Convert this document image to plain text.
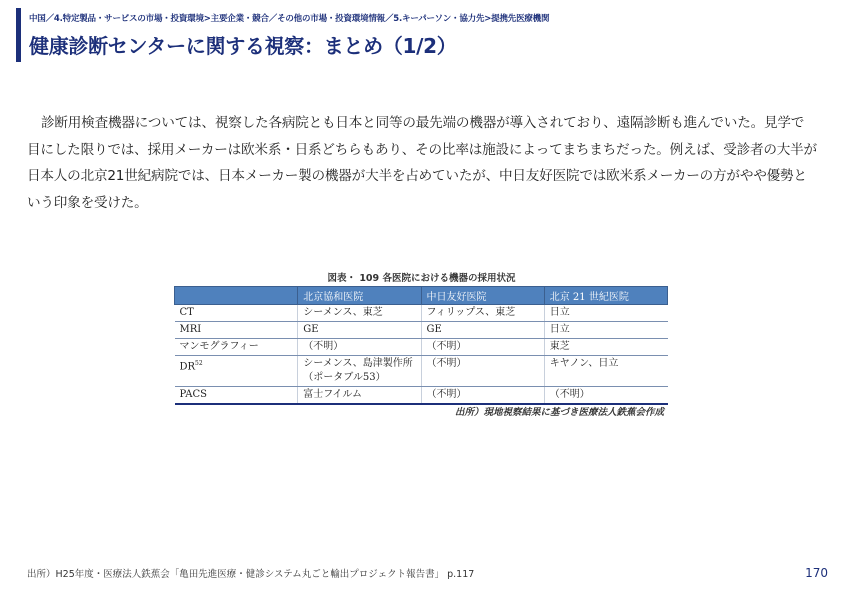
中国／4.特定製品・サービスの市場・投資環境>主要企業・競合／その他の市場・投資環境情報／5.キーパーソン・協力先>提携先医療機関
健康診断センターに関する視察：まとめ（1/2）

診断用検査機器については、視察した各病院とも日本と同等の最先端の機器が導入されており、遠隔診断も進んでいた。見学で目にした限りでは、採用メーカーは欧米系・日系どちらもあり、その比率は施設によってまちまちだった。例えば、受診者の大半が日本人の北京21世紀病院では、日本メーカー製の機器が大半を占めていたが、中日友好医院では欧米系メーカーの方がやや優勢という印象を受けた。

図表・ 109 各医院における機器の採用状況
	北京協和医院	中日友好医院	北京 21 世紀医院
CT	シーメンス、東芝	フィリップス、東芝	日立
MRI	GE	GE	日立
マンモグラフィー	（不明）	（不明）	東芝
DR$^{52}$	シーメンス、島津製作所（ポータブル53）	（不明）	キヤノン、日立
PACS	富士フイルム	（不明）	（不明）
出所）現地視察結果に基づき医療法人鉄蕉会作成
出所）H25年度・医療法人鉄蕉会「亀田先進医療・健診システム丸ごと輸出プロジェクト報告書」 p.117	170
